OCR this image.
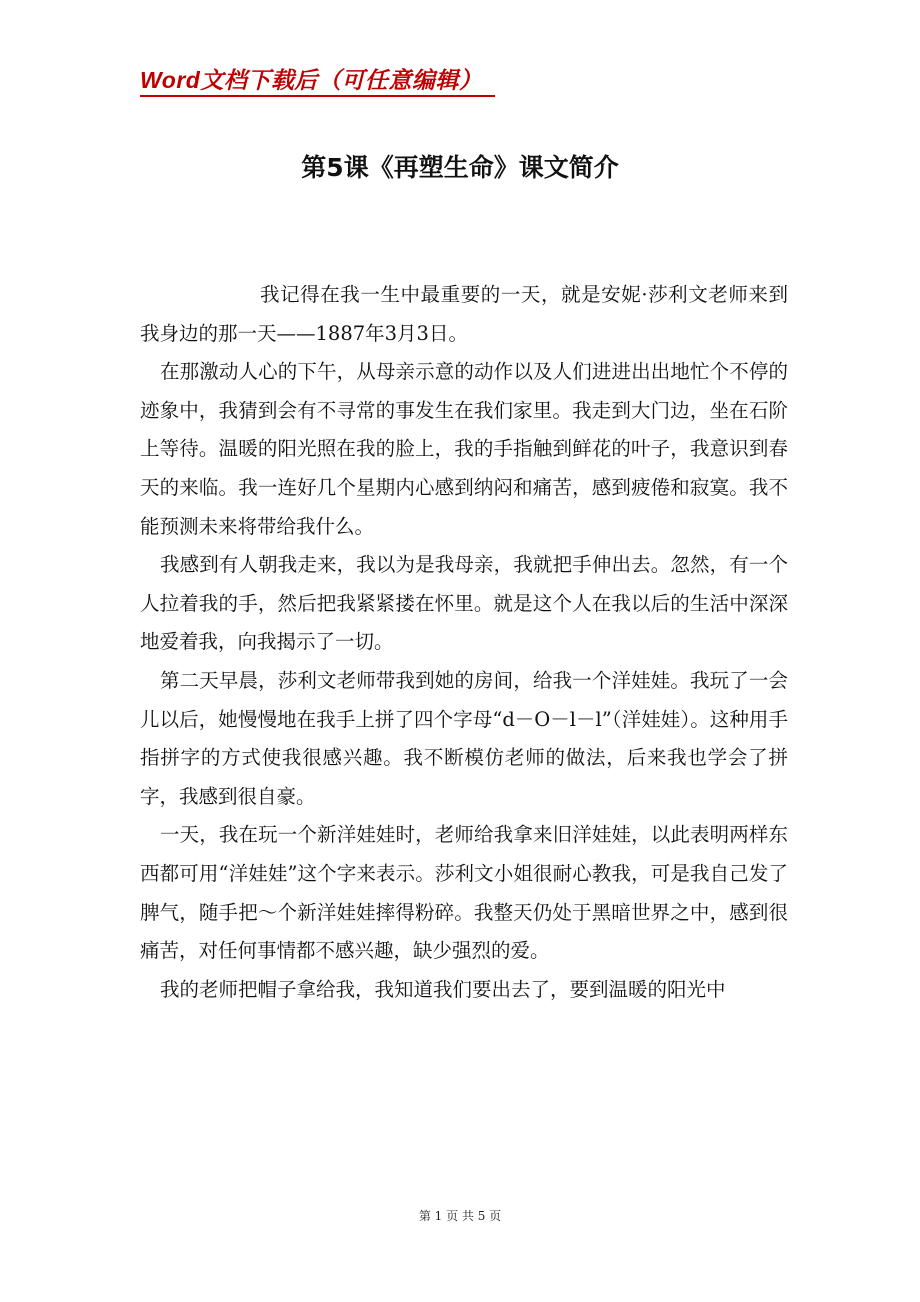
Word文档下载后（可任意编辑）
第5课《再塑生命》课文简介

我记得在我一生中最重要的一天，就是安妮·莎利文老师来到我身边的那一天——1887年3月3日。

在那激动人心的下午，从母亲示意的动作以及人们进进出出地忙个不停的迹象中，我猜到会有不寻常的事发生在我们家里。我走到大门边，坐在石阶上等待。温暖的阳光照在我的脸上，我的手指触到鲜花的叶子，我意识到春天的来临。我一连好几个星期内心感到纳闷和痛苦，感到疲倦和寂寞。我不能预测未来将带给我什么。

我感到有人朝我走来，我以为是我母亲，我就把手伸出去。忽然，有一个人拉着我的手，然后把我紧紧搂在怀里。就是这个人在我以后的生活中深深地爱着我，向我揭示了一切。

第二天早晨，莎利文老师带我到她的房间，给我一个洋娃娃。我玩了一会儿以后，她慢慢地在我手上拼了四个字母“d－O－l－l”（洋娃娃）。这种用手指拼字的方式使我很感兴趣。我不断模仿老师的做法，后来我也学会了拼字，我感到很自豪。

一天，我在玩一个新洋娃娃时，老师给我拿来旧洋娃娃，以此表明两样东西都可用“洋娃娃”这个字来表示。莎利文小姐很耐心教我，可是我自己发了脾气，随手把～个新洋娃娃摔得粉碎。我整天仍处于黑暗世界之中，感到很痛苦，对任何事情都不感兴趣，缺少强烈的爱。

我的老师把帽子拿给我，我知道我们要出去了，要到温暖的阳光中

第 1 页 共 5 页
